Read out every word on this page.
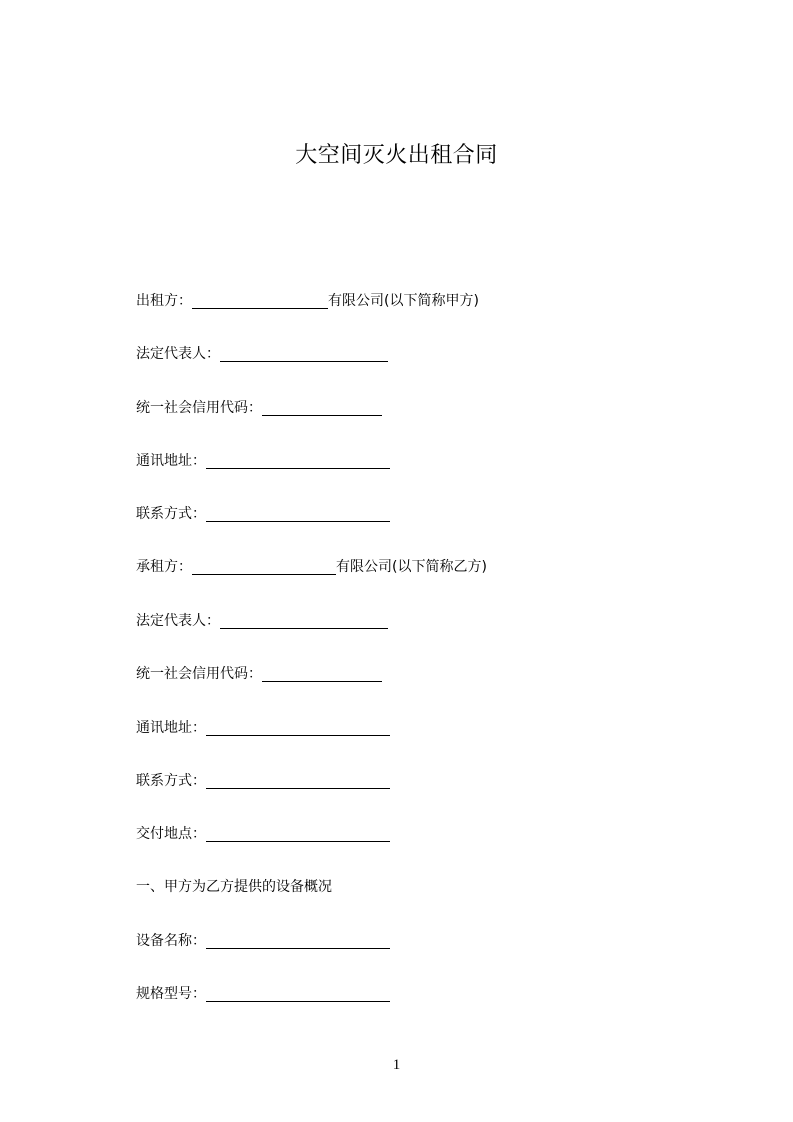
大空间灭火出租合同
出租方：	有限公司(以下简称甲方)
法定代表人：
统一社会信用代码：
通讯地址：
联系方式：
承租方：	有限公司(以下简称乙方)
法定代表人：
统一社会信用代码：
通讯地址：
联系方式：
交付地点：
一、甲方为乙方提供的设备概况
设备名称：
规格型号：
1
